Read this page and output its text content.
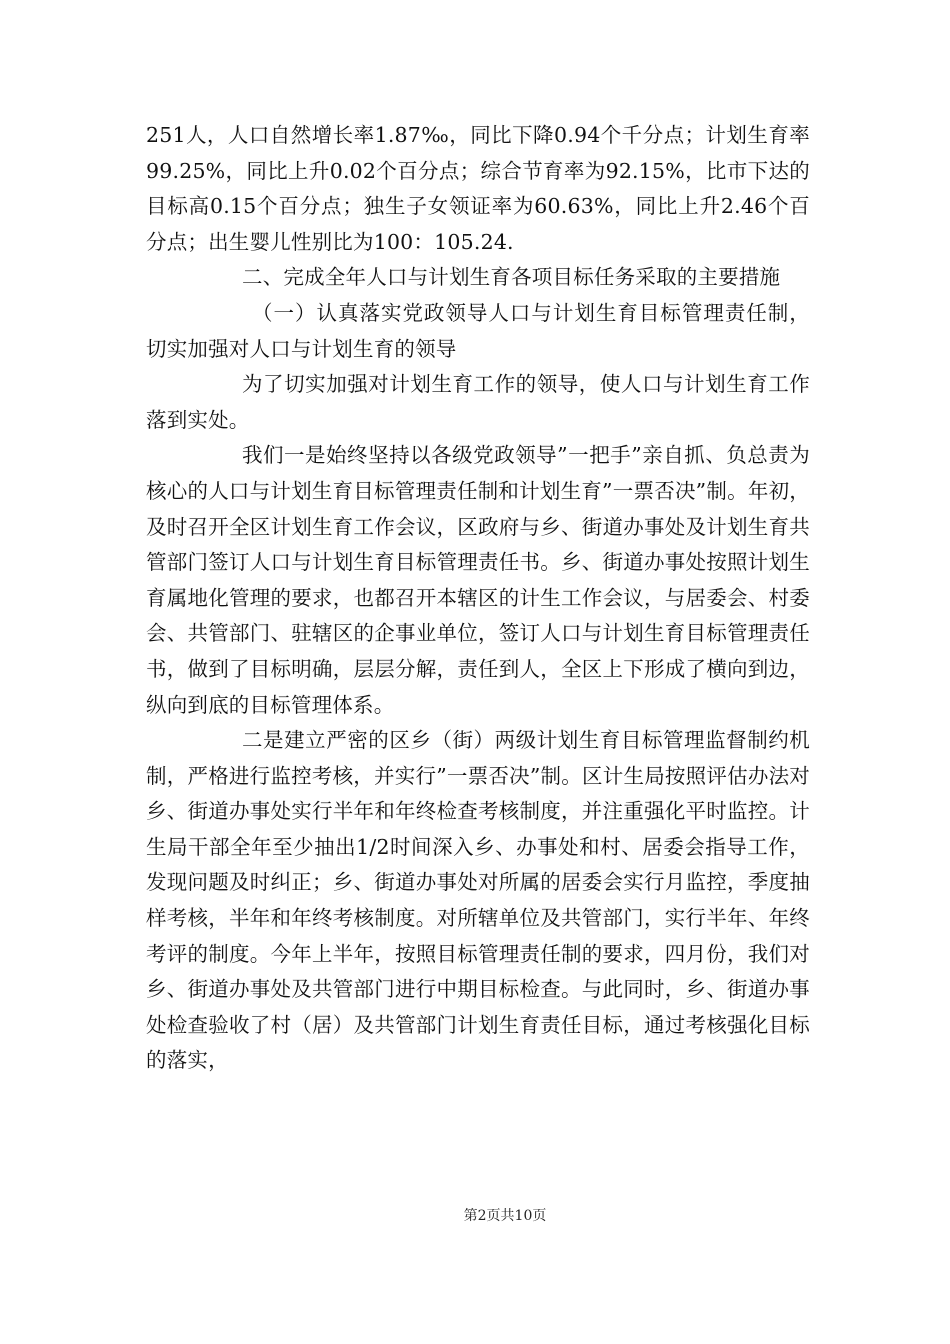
251人，人口自然增长率1.87‰，同比下降0.94个千分点；计划生育率99.25%，同比上升0.02个百分点；综合节育率为92.15%，比市下达的目标高0.15个百分点；独生子女领证率为60.63%，同比上升2.46个百分点；出生婴儿性别比为100：105.24.

二、完成全年人口与计划生育各项目标任务采取的主要措施

（一）认真落实党政领导人口与计划生育目标管理责任制，切实加强对人口与计划生育的领导

为了切实加强对计划生育工作的领导，使人口与计划生育工作落到实处。

我们一是始终坚持以各级党政领导”一把手”亲自抓、负总责为核心的人口与计划生育目标管理责任制和计划生育”一票否决”制。年初，及时召开全区计划生育工作会议，区政府与乡、街道办事处及计划生育共管部门签订人口与计划生育目标管理责任书。乡、街道办事处按照计划生育属地化管理的要求，也都召开本辖区的计生工作会议，与居委会、村委会、共管部门、驻辖区的企事业单位，签订人口与计划生育目标管理责任书，做到了目标明确，层层分解，责任到人，全区上下形成了横向到边，纵向到底的目标管理体系。

二是建立严密的区乡（街）两级计划生育目标管理监督制约机制，严格进行监控考核，并实行”一票否决”制。区计生局按照评估办法对乡、街道办事处实行半年和年终检查考核制度，并注重强化平时监控。计生局干部全年至少抽出1/2时间深入乡、办事处和村、居委会指导工作，发现问题及时纠正；乡、街道办事处对所属的居委会实行月监控，季度抽样考核，半年和年终考核制度。对所辖单位及共管部门，实行半年、年终考评的制度。今年上半年，按照目标管理责任制的要求，四月份，我们对乡、街道办事处及共管部门进行中期目标检查。与此同时，乡、街道办事处检查验收了村（居）及共管部门计划生育责任目标，通过考核强化目标的落实，

第2页共10页
